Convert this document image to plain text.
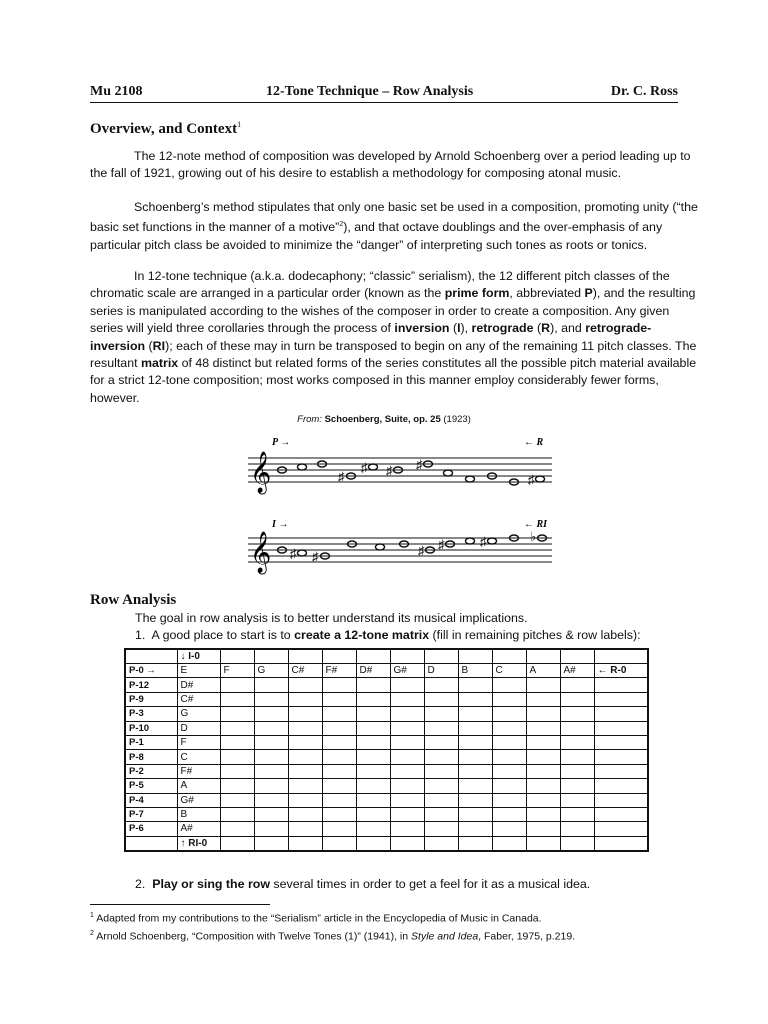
Mu 2108	12-Tone Technique – Row Analysis	Dr. C. Ross
Overview, and Context$^1$

The 12-note method of composition was developed by Arnold Schoenberg over a period leading up to the fall of 1921, growing out of his desire to establish a methodology for composing atonal music.

Schoenberg’s method stipulates that only one basic set be used in a composition, promoting unity (“the basic set functions in the manner of a motive”$^2$), and that octave doublings and the over-emphasis of any particular pitch class be avoided to minimize the “danger” of interpreting such tones as roots or tonics.

In 12-tone technique (a.k.a. dodecaphony; “classic” serialism), the 12 different pitch classes of the chromatic scale are arranged in a particular order (known as the prime form, abbreviated P), and the resulting series is manipulated according to the wishes of the composer in order to create a composition. Any given series will yield three corollaries through the process of inversion (I), retrograde (R), and retrograde-inversion (RI); each of these may in turn be transposed to begin on any of the remaining 11 pitch classes. The resultant matrix of 48 distinct but related forms of the series constitutes all the possible pitch material available for a strict 12-tone composition; most works composed in this manner employ considerably fewer forms, however.

From: Schoenberg, Suite, op. 25 (1923)
P →	← R
𝄞	♯
♯ ♯ ♯
♯
I →	← RI
𝄞 ♯ ♯	♯ ♯	♯	♭
Row Analysis

The goal in row analysis is to better understand its musical implications.

1. A good place to start is to create a 12-tone matrix (fill in remaining pitches & row labels):

	↓ I-0												
P-0 →	E	F	G	C#	F#	D#	G#	D	B	C	A	A#	← R-0
P-12	D#												
P-9	C#												
P-3	G												
P-10	D												
P-1	F												
P-8	C												
P-2	F#												
P-5	A												
P-4	G#												
P-7	B												
P-6	A#												
	↑ RI-0												

2. Play or sing the row several times in order to get a feel for it as a musical idea.

$^1$ Adapted from my contributions to the “Serialism” article in the Encyclopedia of Music in Canada.
$^2$ Arnold Schoenberg, “Composition with Twelve Tones (1)” (1941), in Style and Idea, Faber, 1975, p.219.
